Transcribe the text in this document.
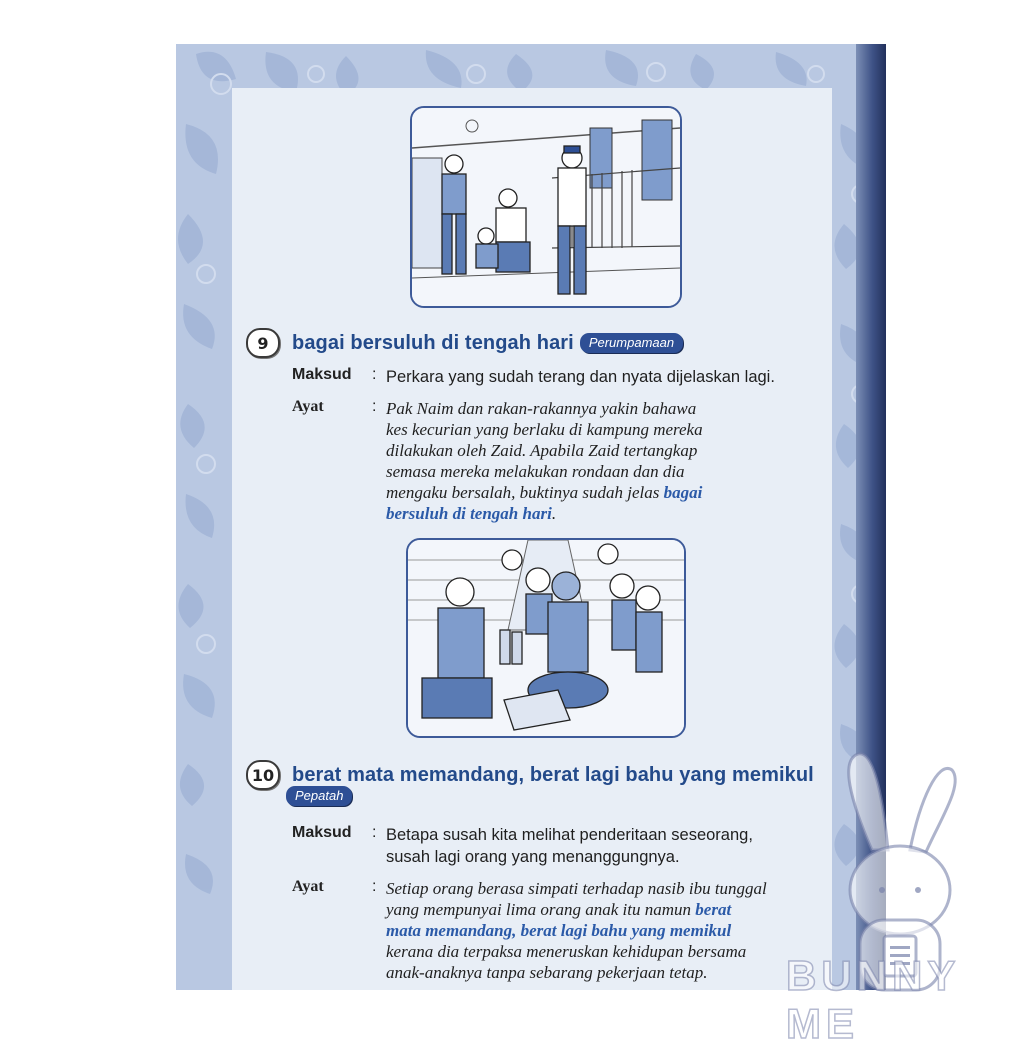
9	bagai bersuluh di tengah hari	Perumpamaan
Maksud	: Perkara yang sudah terang dan nyata dijelaskan lagi.
Ayat	: Pak Naim dan rakan-rakannya yakin bahawa
kes kecurian yang berlaku di kampung mereka
dilakukan oleh Zaid. Apabila Zaid tertangkap
semasa mereka melakukan rondaan dan dia
mengaku bersalah, buktinya sudah jelas bagai
bersuluh di tengah hari.
10 berat mata memandang, berat lagi bahu yang memikul
Pepatah
Maksud	: Betapa susah kita melihat penderitaan seseorang,
susah lagi orang yang menanggungnya.
Ayat	: Setiap orang berasa simpati terhadap nasib ibu tunggal
yang mempunyai lima orang anak itu namun berat
mata memandang, berat lagi bahu yang memikul
kerana dia terpaksa meneruskan kehidupan bersama
anak-anaknya tanpa sebarang pekerjaan tetap.	BUNNY ME
